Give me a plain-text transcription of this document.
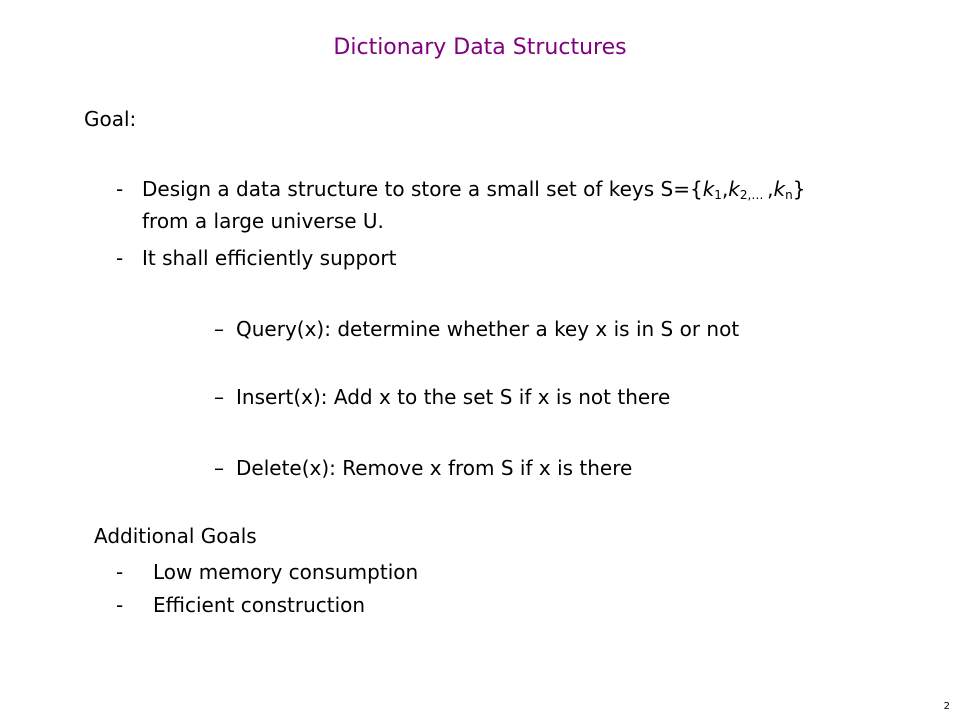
Dictionary Data Structures
Goal:
- Design a data structure to store a small set of keys $S=\{k_1,k_{2,\dots}$ $,k_n$}
from a large universe U.
- It shall efficiently support
– Query(x): determine whether a key x is in S or not
– Insert(x): Add x to the set S if x is not there
– Delete(x): Remove x from S if x is there
Additional Goals
- Low memory consumption
- Efficient construction
2
